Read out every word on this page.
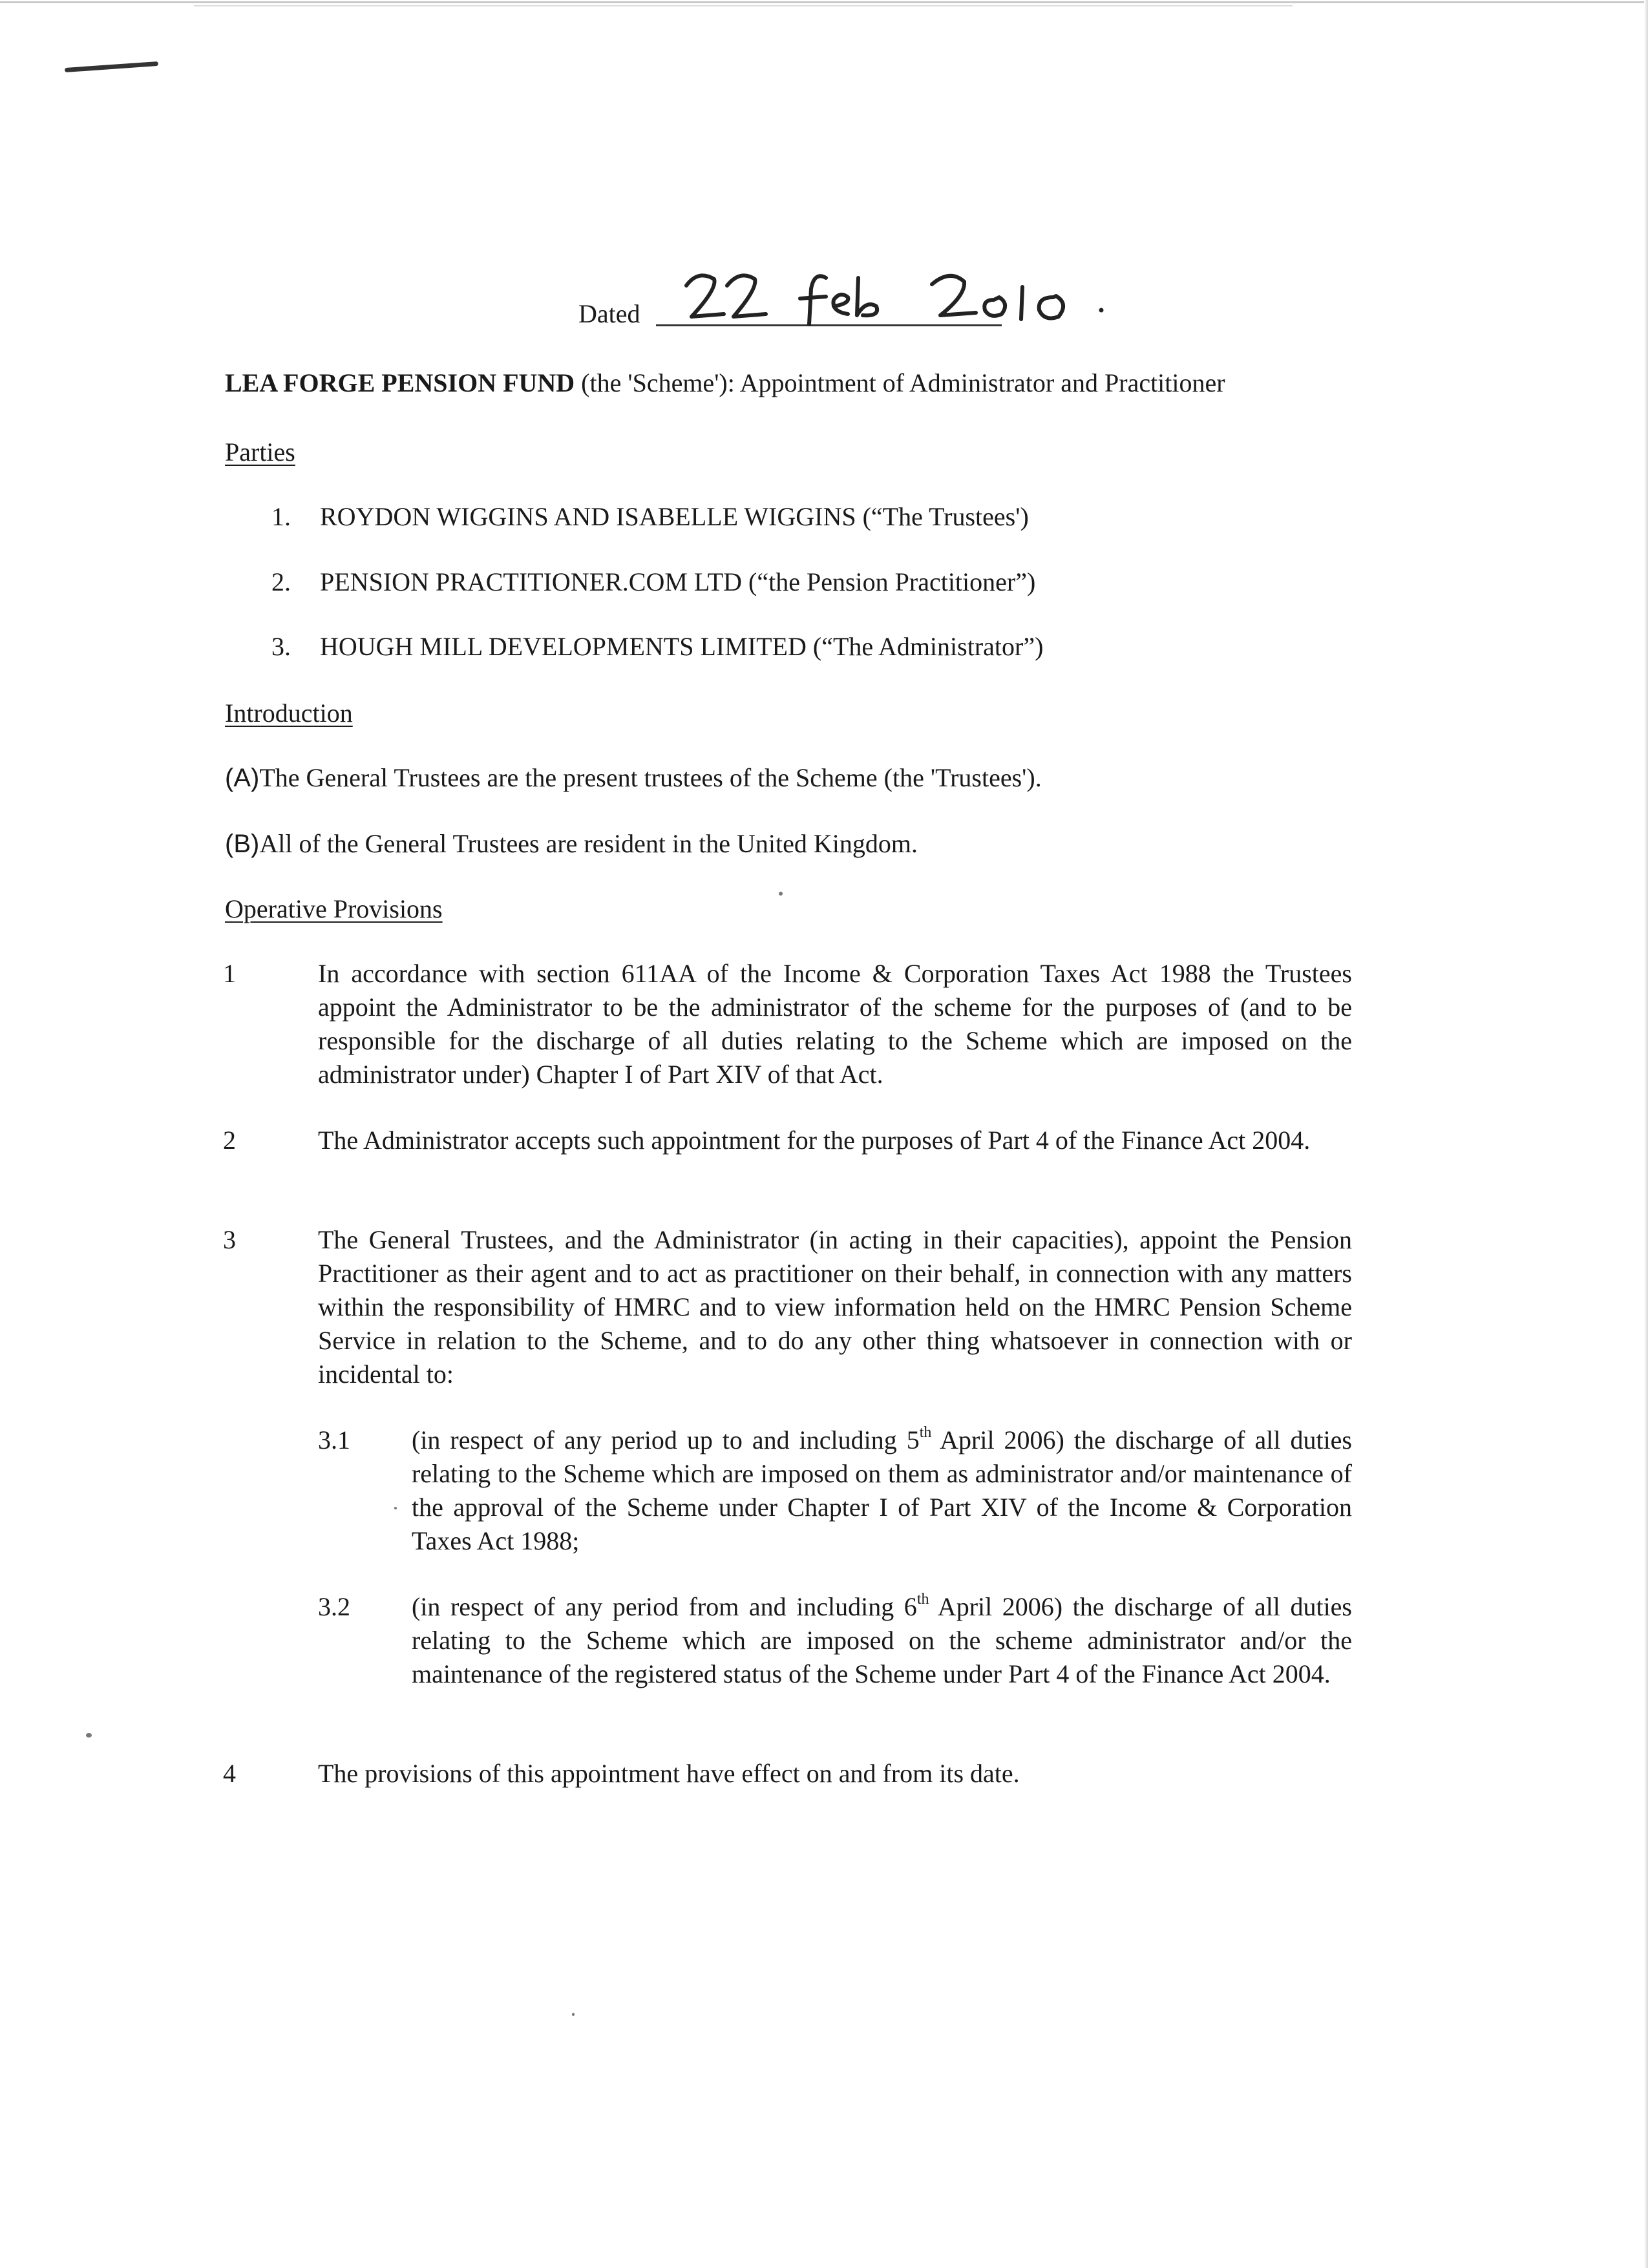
Dated
LEA FORGE PENSION FUND (the 'Scheme'): Appointment of Administrator and Practitioner
Parties
1. ROYDON WIGGINS AND ISABELLE WIGGINS (“The Trustees')
2. PENSION PRACTITIONER.COM LTD (“the Pension Practitioner”)
3. HOUGH MILL DEVELOPMENTS LIMITED (“The Administrator”)
Introduction
(A)The General Trustees are the present trustees of the Scheme (the 'Trustees').
(B)All of the General Trustees are resident in the United Kingdom.
Operative Provisions
1	In accordance with section 611AA of the Income & Corporation Taxes Act 1988 the Trustees appoint the Administrator to be the administrator of the scheme for the purposes of (and to be responsible for the discharge of all duties relating to the Scheme which are imposed on the administrator under) Chapter I of Part XIV of that Act.
2	The Administrator accepts such appointment for the purposes of Part 4 of the Finance Act 2004.
3	The General Trustees, and the Administrator (in acting in their capacities), appoint the Pension Practitioner as their agent and to act as practitioner on their behalf, in connection with any matters within the responsibility of HMRC and to view information held on the HMRC Pension Scheme Service in relation to the Scheme, and to do any other thing whatsoever in connection with or incidental to:
3.1 (in respect of any period up to and including 5th April 2006) the discharge of all duties relating to the Scheme which are imposed on them as administrator and/or maintenance of the approval of the Scheme under Chapter I of Part XIV of the Income & Corporation Taxes Act 1988;
3.2 (in respect of any period from and including 6th April 2006) the discharge of all duties relating to the Scheme which are imposed on the scheme administrator and/or the maintenance of the registered status of the Scheme under Part 4 of the Finance Act 2004.
4	The provisions of this appointment have effect on and from its date.
